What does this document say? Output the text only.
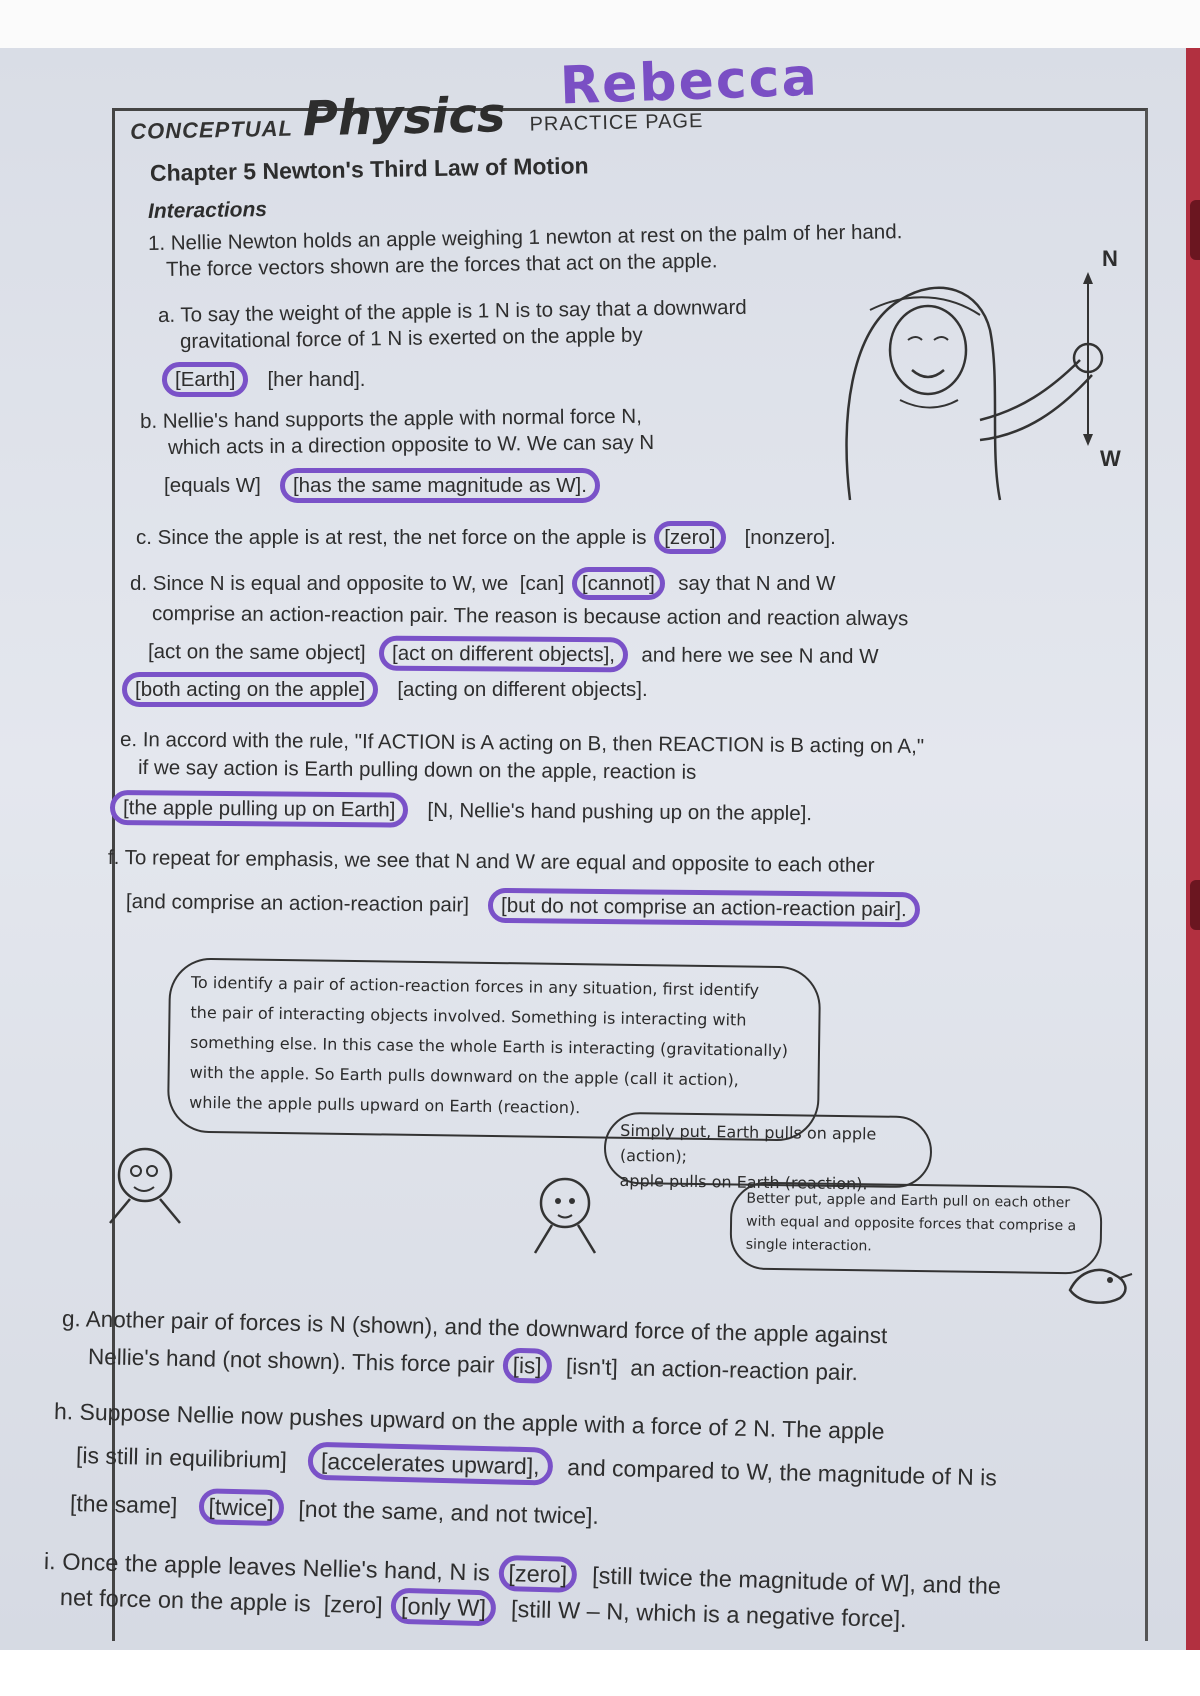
Rebecca
CONCEPTUAL Physics PRACTICE PAGE
Chapter 5 Newton's Third Law of Motion
Interactions
1. Nellie Newton holds an apple weighing 1 newton at rest on the palm of her hand.
The force vectors shown are the forces that act on the apple.
a. To say the weight of the apple is 1 N is to say that a downward
gravitational force of 1 N is exerted on the apple by
[Earth] [her hand].
b. Nellie's hand supports the apple with normal force N,
which acts in a direction opposite to W. We can say N
[equals W] [has the same magnitude as W].
c. Since the apple is at rest, the net force on the apple is [zero] [nonzero].
d. Since N is equal and opposite to W, we [can] [cannot] say that N and W
comprise an action-reaction pair. The reason is because action and reaction always
[act on the same object] [act on different objects], and here we see N and W
[both acting on the apple] [acting on different objects].
e. In accord with the rule, "If ACTION is A acting on B, then REACTION is B acting on A,"
if we say action is Earth pulling down on the apple, reaction is
[the apple pulling up on Earth] [N, Nellie's hand pushing up on the apple].
f. To repeat for emphasis, we see that N and W are equal and opposite to each other
[and comprise an action-reaction pair] [but do not comprise an action-reaction pair].
N
W

To identify a pair of action-reaction forces in any situation, first identify

the pair of interacting objects involved. Something is interacting with

something else. In this case the whole Earth is interacting (gravitationally)

with the apple. So Earth pulls downward on the apple (call it action),

while the apple pulls upward on Earth (reaction).

Simply put, Earth pulls on apple (action);

apple pulls on Earth (reaction).

Better put, apple and Earth pull on each other

with equal and opposite forces that comprise a

single interaction.

g. Another pair of forces is N (shown), and the downward force of the apple against
Nellie's hand (not shown). This force pair [is] [isn't] an action-reaction pair.
h. Suppose Nellie now pushes upward on the apple with a force of 2 N. The apple
[is still in equilibrium] [accelerates upward], and compared to W, the magnitude of N is
[the same] [twice] [not the same, and not twice].
i. Once the apple leaves Nellie's hand, N is [zero] [still twice the magnitude of W], and the
net force on the apple is [zero] [only W] [still W – N, which is a negative force].
